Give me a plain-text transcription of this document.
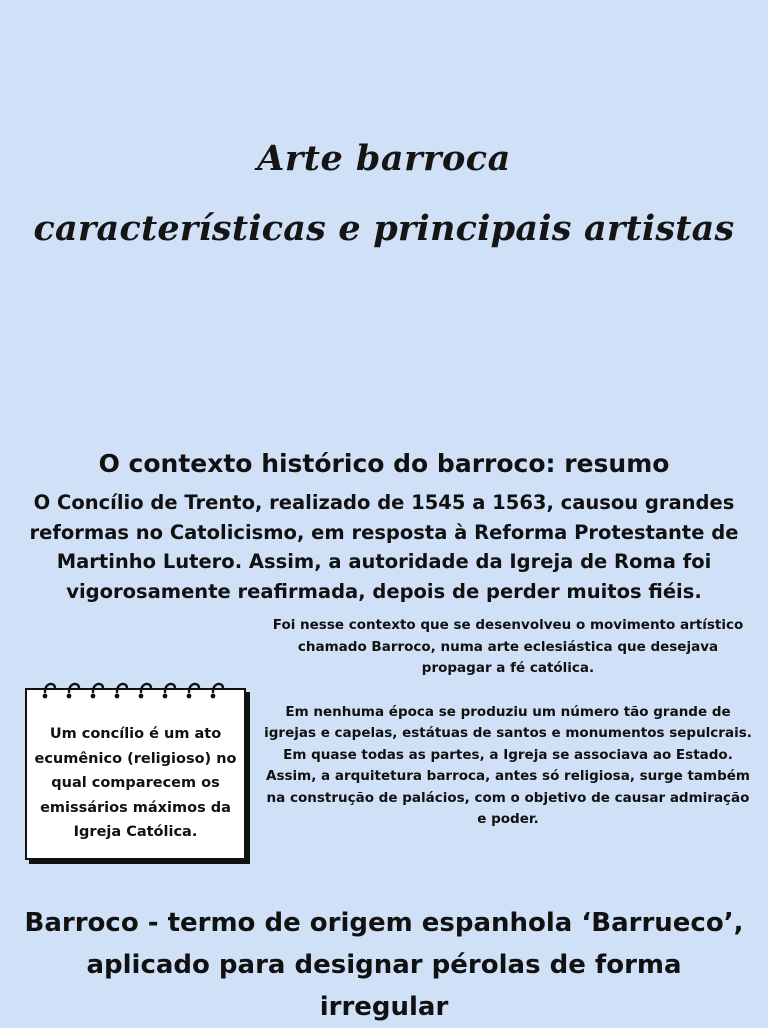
Arte barroca
características e principais artistas
O contexto histórico do barroco: resumo

O Concílio de Trento, realizado de 1545 a 1563, causou grandes reformas no Catolicismo, em resposta à Reforma Protestante de Martinho Lutero. Assim, a autoridade da Igreja de Roma foi vigorosamente reafirmada, depois de perder muitos fiéis.

Foi nesse contexto que se desenvolveu o movimento artístico chamado Barroco, numa arte eclesiástica que desejava propagar a fé católica.

Em nenhuma época se produziu um número tão grande de igrejas e capelas, estátuas de santos e monumentos sepulcrais.

Em quase todas as partes, a Igreja se associava ao Estado. Assim, a arquitetura barroca, antes só religiosa, surge também na construção de palácios, com o objetivo de causar admiração e poder.

Um concílio é um ato ecumênico (religioso) no qual comparecem os emissários máximos da Igreja Católica.

Barroco - termo de origem espanhola ‘Barrueco’, aplicado para designar pérolas de forma irregular
